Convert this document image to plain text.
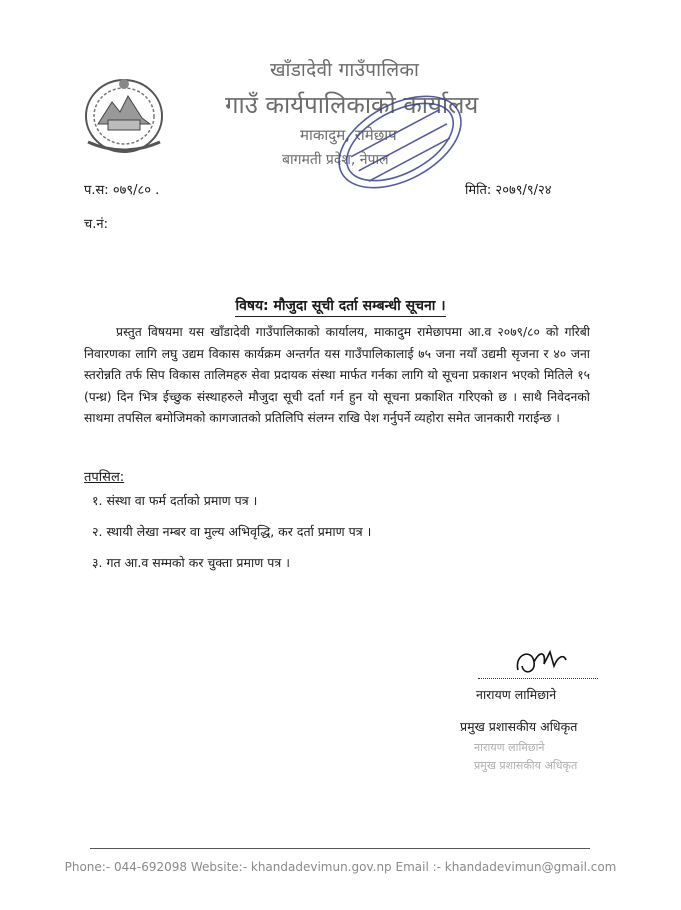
खाँडादेवी गाउँपालिका
गाउँ कार्यपालिकाको कार्यालय
माकादुम, रामेछाप
बागमती प्रदेश, नेपाल
प.स: ०७९/८० .	मिति: २०७९/९/२४
च.नं:
विषय: मौजुदा सूची दर्ता सम्बन्धी सूचना ।

प्रस्तुत विषयमा यस खाँडादेवी गाउँपालिकाको कार्यालय, माकादुम रामेछापमा आ.व २०७९/८० को गरिबी निवारणका लागि लघु उद्यम विकास कार्यक्रम अन्तर्गत यस गाउँपालिकालाई ७५ जना नयाँ उद्यमी सृजना र ४० जना स्तरोन्नति तर्फ सिप विकास तालिमहरु सेवा प्रदायक संस्था मार्फत गर्नका लागि यो सूचना प्रकाशन भएको मितिले १५ (पन्ध्र) दिन भित्र ईच्छुक संस्थाहरुले मौजुदा सूची दर्ता गर्न हुन यो सूचना प्रकाशित गरिएको छ । साथै निवेदनको साथमा तपसिल बमोजिमको कागजातको प्रतिलिपि संलग्न राखि पेश गर्नुपर्ने व्यहोरा समेत जानकारी गराईन्छ ।

तपसिल:
१. संस्था वा फर्म दर्ताको प्रमाण पत्र ।
२. स्थायी लेखा नम्बर वा मुल्य अभिवृद्धि, कर दर्ता प्रमाण पत्र ।
३. गत आ.व सम्मको कर चुक्ता प्रमाण पत्र ।
नारायण लामिछाने
प्रमुख प्रशासकीय अधिकृत
नारायण लामिछाने
प्रमुख प्रशासकीय अधिकृत
Phone:- 044-692098 Website:- khandadevimun.gov.np Email :- khandadevimun@gmail.com
